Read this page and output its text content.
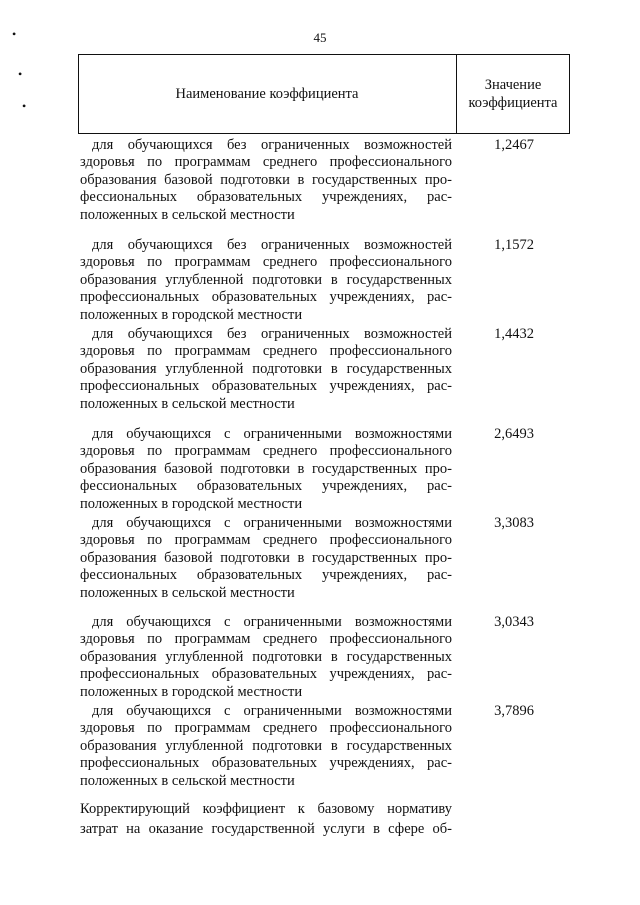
45
•
•
•
Наименование коэффициента
Значение
коэффициента
для обучающихся без ограниченных возможностей
здоровья по программам среднего профессионального
образования базовой подготовки в государственных про-
фессиональных образовательных учреждениях, рас-
положенных в сельской местности
1,2467
для обучающихся без ограниченных возможностей
здоровья по программам среднего профессионального
образования углубленной подготовки в государственных
профессиональных образовательных учреждениях, рас-
положенных в городской местности
1,1572
для обучающихся без ограниченных возможностей
здоровья по программам среднего профессионального
образования углубленной подготовки в государственных
профессиональных образовательных учреждениях, рас-
положенных в сельской местности
1,4432
для обучающихся с ограниченными возможностями
здоровья по программам среднего профессионального
образования базовой подготовки в государственных про-
фессиональных образовательных учреждениях, рас-
положенных в городской местности
2,6493
для обучающихся с ограниченными возможностями
здоровья по программам среднего профессионального
образования базовой подготовки в государственных про-
фессиональных образовательных учреждениях, рас-
положенных в сельской местности
3,3083
для обучающихся с ограниченными возможностями
здоровья по программам среднего профессионального
образования углубленной подготовки в государственных
профессиональных образовательных учреждениях, рас-
положенных в городской местности
3,0343
для обучающихся с ограниченными возможностями
здоровья по программам среднего профессионального
образования углубленной подготовки в государственных
профессиональных образовательных учреждениях, рас-
положенных в сельской местности
3,7896
Корректирующий коэффициент к базовому нормативу
затрат на оказание государственной услуги в сфере об-
